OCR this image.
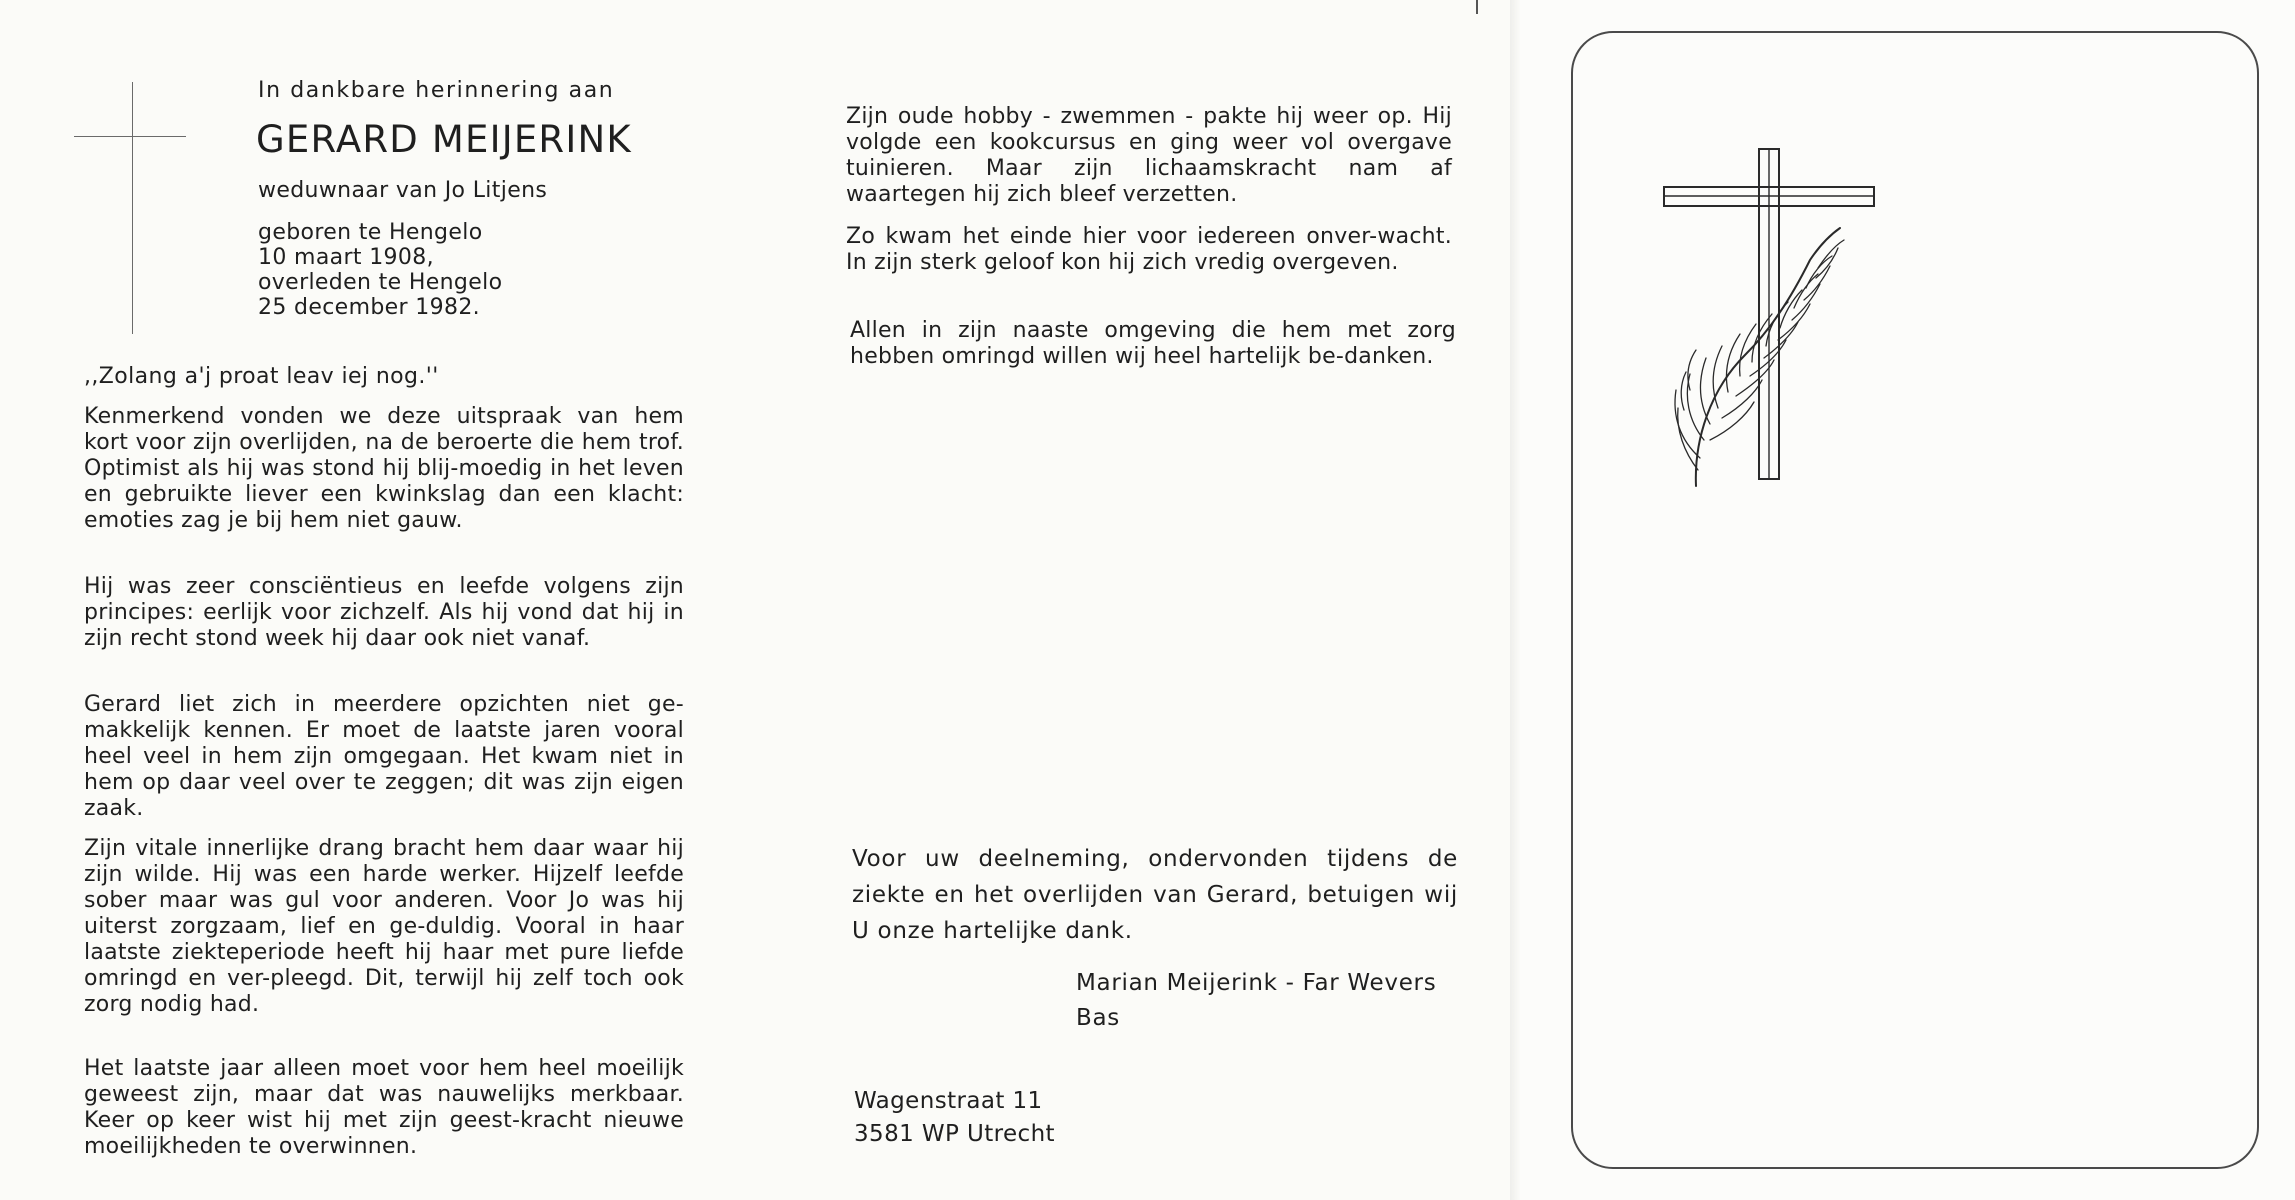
In dankbare herinnering aan
GERARD MEIJERINK
weduwnaar van Jo Litjens
geboren te Hengelo
10 maart 1908,
overleden te Hengelo
25 december 1982.
,,Zolang a'j proat leav iej nog.''
Kenmerkend vonden we deze uitspraak van hem kort voor zijn overlijden, na de beroerte die hem trof. Optimist als hij was stond hij blij-moedig in het leven en gebruikte liever een kwinkslag dan een klacht: emoties zag je bij hem niet gauw.
Hij was zeer consciëntieus en leefde volgens zijn principes: eerlijk voor zichzelf. Als hij vond dat hij in zijn recht stond week hij daar ook niet vanaf.
Gerard liet zich in meerdere opzichten niet ge-makkelijk kennen. Er moet de laatste jaren vooral heel veel in hem zijn omgegaan. Het kwam niet in hem op daar veel over te zeggen; dit was zijn eigen zaak.
Zijn vitale innerlijke drang bracht hem daar waar hij zijn wilde. Hij was een harde werker. Hijzelf leefde sober maar was gul voor anderen. Voor Jo was hij uiterst zorgzaam, lief en ge-duldig. Vooral in haar laatste ziekteperiode heeft hij haar met pure liefde omringd en ver-pleegd. Dit, terwijl hij zelf toch ook zorg nodig had.
Het laatste jaar alleen moet voor hem heel moeilijk geweest zijn, maar dat was nauwelijks merkbaar. Keer op keer wist hij met zijn geest-kracht nieuwe moeilijkheden te overwinnen.
Zijn oude hobby - zwemmen - pakte hij weer op. Hij volgde een kookcursus en ging weer vol overgave tuinieren. Maar zijn lichaamskracht nam af waartegen hij zich bleef verzetten.
Zo kwam het einde hier voor iedereen onver-wacht. In zijn sterk geloof kon hij zich vredig overgeven.
Allen in zijn naaste omgeving die hem met zorg hebben omringd willen wij heel hartelijk be-danken.
Voor uw deelneming, ondervonden tijdens de ziekte en het overlijden van Gerard, betuigen wij U onze hartelijke dank.
Marian Meijerink - Far Wevers
Bas
Wagenstraat 11
3581 WP Utrecht
